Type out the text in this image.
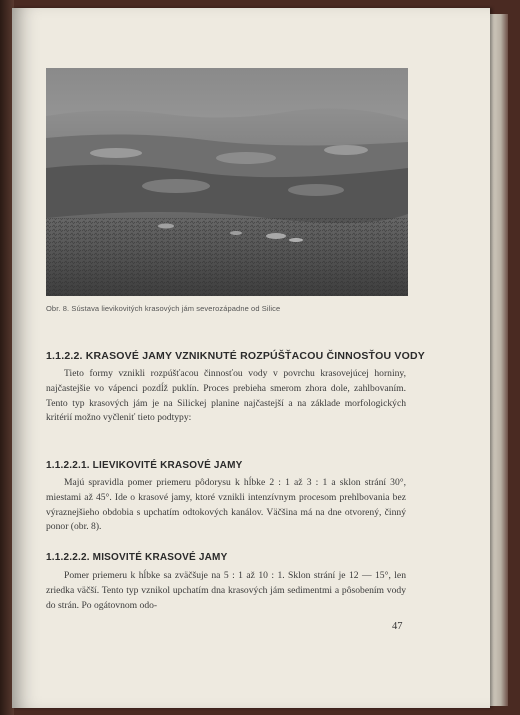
Obr. 8. Sústava lievikovitých krasových jám severozápadne od Silice
1.1.2.2. KRASOVÉ JAMY VZNIKNUTÉ ROZPÚŠŤACOU ČINNOSŤOU VODY

Tieto formy vznikli rozpúšťacou činnosťou vody v povrchu krasovejúcej horniny, najčastejšie vo vápenci pozdĺž puklín. Proces prebieha smerom zhora dole, zahlbovaním. Tento typ krasových jám je na Silickej planine najčastejší a na základe morfologických kritérií možno vyčleniť tieto podtypy:

1.1.2.2.1. LIEVIKOVITÉ KRASOVÉ JAMY

Majú spravidla pomer priemeru pôdorysu k hĺbke 2 : 1 až 3 : 1 a sklon strání 30°, miestami až 45°. Ide o krasové jamy, ktoré vznikli intenzívnym procesom prehlbovania bez výraznejšieho obdobia s upchatím odtokových kanálov. Väčšina má na dne otvorený, činný ponor (obr. 8).

1.1.2.2.2. MISOVITÉ KRASOVÉ JAMY

Pomer priemeru k hĺbke sa zväčšuje na 5 : 1 až 10 : 1. Sklon strání je 12 — 15°, len zriedka väčší. Tento typ vznikol upchatím dna krasových jám sedimentmi a pôsobením vody do strán. Po ogátovnom odo-

47
